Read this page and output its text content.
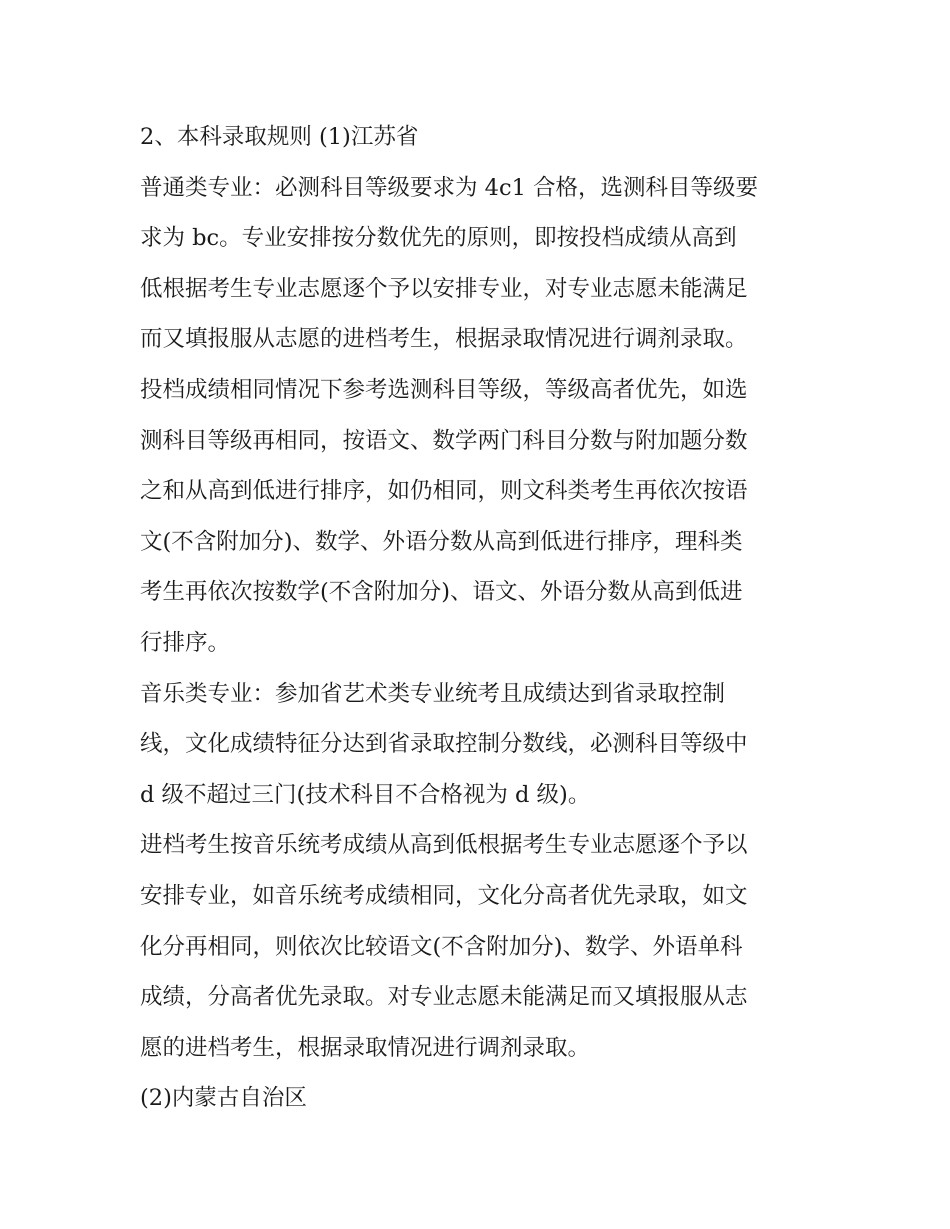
2、本科录取规则 (1)江苏省
普通类专业：必测科目等级要求为 4c1 合格，选测科目等级要
求为 bc。专业安排按分数优先的原则，即按投档成绩从高到
低根据考生专业志愿逐个予以安排专业，对专业志愿未能满足
而又填报服从志愿的进档考生，根据录取情况进行调剂录取。
投档成绩相同情况下参考选测科目等级，等级高者优先，如选
测科目等级再相同，按语文、数学两门科目分数与附加题分数
之和从高到低进行排序，如仍相同，则文科类考生再依次按语
文(不含附加分)、数学、外语分数从高到低进行排序，理科类
考生再依次按数学(不含附加分)、语文、外语分数从高到低进
行排序。
音乐类专业：参加省艺术类专业统考且成绩达到省录取控制
线，文化成绩特征分达到省录取控制分数线，必测科目等级中
d 级不超过三门(技术科目不合格视为 d 级)。
进档考生按音乐统考成绩从高到低根据考生专业志愿逐个予以
安排专业，如音乐统考成绩相同，文化分高者优先录取，如文
化分再相同，则依次比较语文(不含附加分)、数学、外语单科
成绩，分高者优先录取。对专业志愿未能满足而又填报服从志
愿的进档考生，根据录取情况进行调剂录取。
(2)内蒙古自治区
